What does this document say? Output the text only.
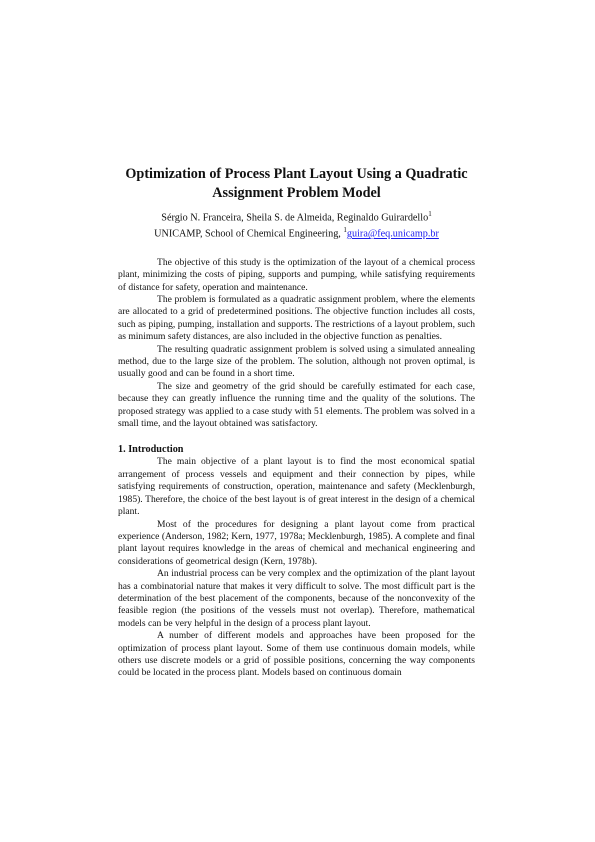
Optimization of Process Plant Layout Using a Quadratic Assignment Problem Model
Sérgio N. Franceira, Sheila S. de Almeida, Reginaldo Guirardello$^1$
UNICAMP, School of Chemical Engineering, $^1$guira@feq.unicamp.br

The objective of this study is the optimization of the layout of a chemical process plant, minimizing the costs of piping, supports and pumping, while satisfying requirements of distance for safety, operation and maintenance.

The problem is formulated as a quadratic assignment problem, where the elements are allocated to a grid of predetermined positions. The objective function includes all costs, such as piping, pumping, installation and supports. The restrictions of a layout problem, such as minimum safety distances, are also included in the objective function as penalties.

The resulting quadratic assignment problem is solved using a simulated annealing method, due to the large size of the problem. The solution, although not proven optimal, is usually good and can be found in a short time.

The size and geometry of the grid should be carefully estimated for each case, because they can greatly influence the running time and the quality of the solutions. The proposed strategy was applied to a case study with 51 elements. The problem was solved in a small time, and the layout obtained was satisfactory.

1. Introduction

The main objective of a plant layout is to find the most economical spatial arrangement of process vessels and equipment and their connection by pipes, while satisfying requirements of construction, operation, maintenance and safety (Mecklenburgh, 1985). Therefore, the choice of the best layout is of great interest in the design of a chemical plant.

Most of the procedures for designing a plant layout come from practical experience (Anderson, 1982; Kern, 1977, 1978a; Mecklenburgh, 1985). A complete and final plant layout requires knowledge in the areas of chemical and mechanical engineering and considerations of geometrical design (Kern, 1978b).

An industrial process can be very complex and the optimization of the plant layout has a combinatorial nature that makes it very difficult to solve. The most difficult part is the determination of the best placement of the components, because of the nonconvexity of the feasible region (the positions of the vessels must not overlap). Therefore, mathematical models can be very helpful in the design of a process plant layout.

A number of different models and approaches have been proposed for the optimization of process plant layout. Some of them use continuous domain models, while others use discrete models or a grid of possible positions, concerning the way components could be located in the process plant. Models based on continuous domain
